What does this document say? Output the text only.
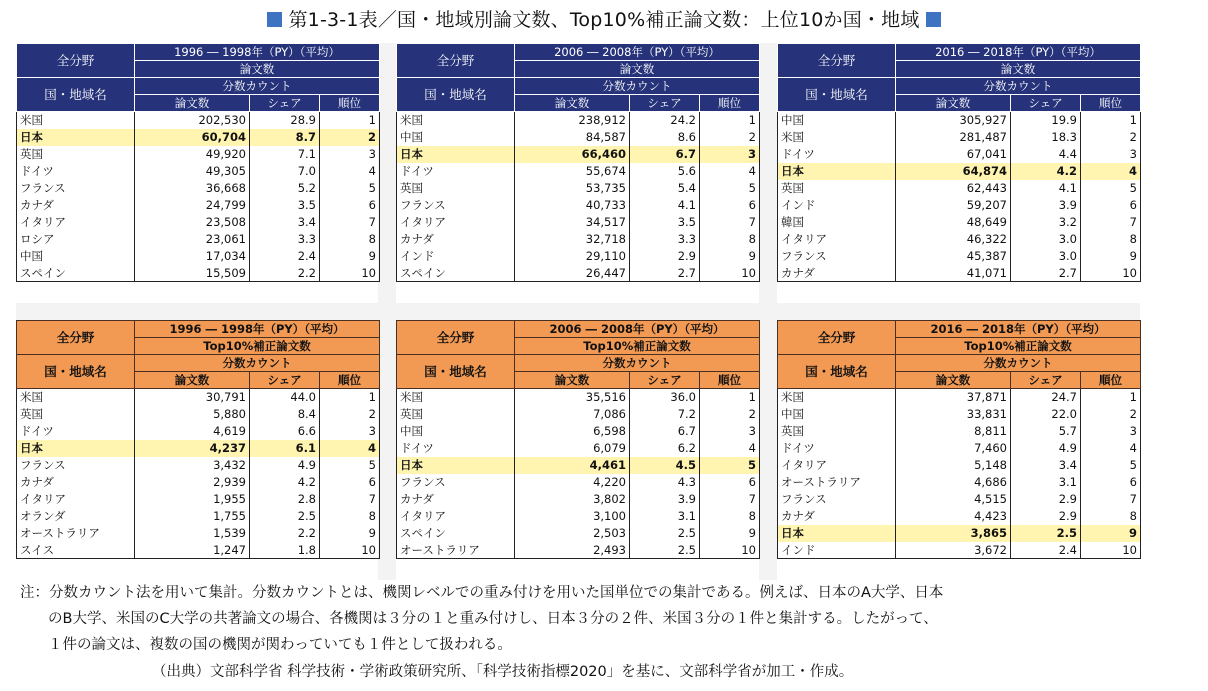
第1-3-1表／国・地域別論文数、Top10%補正論文数：上位10か国・地域
全分野	1996 ― 1998年（PY）（平均）		
	論文数		
国・地域名	分数カウント		
	論文数	シェア	順位
米国	202,530	28.9	1
日本	60,704	8.7	2
英国	49,920	7.1	3
ドイツ	49,305	7.0	4
フランス	36,668	5.2	5
カナダ	24,799	3.5	6
イタリア	23,508	3.4	7
ロシア	23,061	3.3	8
中国	17,034	2.4	9
スペイン	15,509	2.2	10
全分野	2006 ― 2008年（PY）（平均）		
	論文数		
国・地域名	分数カウント		
	論文数	シェア	順位
米国	238,912	24.2	1
中国	84,587	8.6	2
日本	66,460	6.7	3
ドイツ	55,674	5.6	4
英国	53,735	5.4	5
フランス	40,733	4.1	6
イタリア	34,517	3.5	7
カナダ	32,718	3.3	8
インド	29,110	2.9	9
スペイン	26,447	2.7	10
全分野	2016 ― 2018年（PY）（平均）		
	論文数		
国・地域名	分数カウント		
	論文数	シェア	順位
中国	305,927	19.9	1
米国	281,487	18.3	2
ドイツ	67,041	4.4	3
日本	64,874	4.2	4
英国	62,443	4.1	5
インド	59,207	3.9	6
韓国	48,649	3.2	7
イタリア	46,322	3.0	8
フランス	45,387	3.0	9
カナダ	41,071	2.7	10
全分野	1996 ― 1998年（PY）（平均）		
	Top10%補正論文数		
国・地域名	分数カウント		
	論文数	シェア	順位
米国	30,791	44.0	1
英国	5,880	8.4	2
ドイツ	4,619	6.6	3
日本	4,237	6.1	4
フランス	3,432	4.9	5
カナダ	2,939	4.2	6
イタリア	1,955	2.8	7
オランダ	1,755	2.5	8
オーストラリア	1,539	2.2	9
スイス	1,247	1.8	10
全分野	2006 ― 2008年（PY）（平均）		
	Top10%補正論文数		
国・地域名	分数カウント		
	論文数	シェア	順位
米国	35,516	36.0	1
英国	7,086	7.2	2
中国	6,598	6.7	3
ドイツ	6,079	6.2	4
日本	4,461	4.5	5
フランス	4,220	4.3	6
カナダ	3,802	3.9	7
イタリア	3,100	3.1	8
スペイン	2,503	2.5	9
オーストラリア	2,493	2.5	10
全分野	2016 ― 2018年（PY）（平均）		
	Top10%補正論文数		
国・地域名	分数カウント		
	論文数	シェア	順位
米国	37,871	24.7	1
中国	33,831	22.0	2
英国	8,811	5.7	3
ドイツ	7,460	4.9	4
イタリア	5,148	3.4	5
オーストラリア	4,686	3.1	6
フランス	4,515	2.9	7
カナダ	4,423	2.9	8
日本	3,865	2.5	9
インド	3,672	2.4	10
注：分数カウント法を用いて集計。分数カウントとは、機関レベルでの重み付けを用いた国単位での集計である。例えば、日本のA大学、日本
のB大学、米国のC大学の共著論文の場合、各機関は３分の１と重み付けし、日本３分の２件、米国３分の１件と集計する。したがって、
１件の論文は、複数の国の機関が関わっていても１件として扱われる。
（出典）文部科学省 科学技術・学術政策研究所、「科学技術指標2020」を基に、文部科学省が加工・作成。
